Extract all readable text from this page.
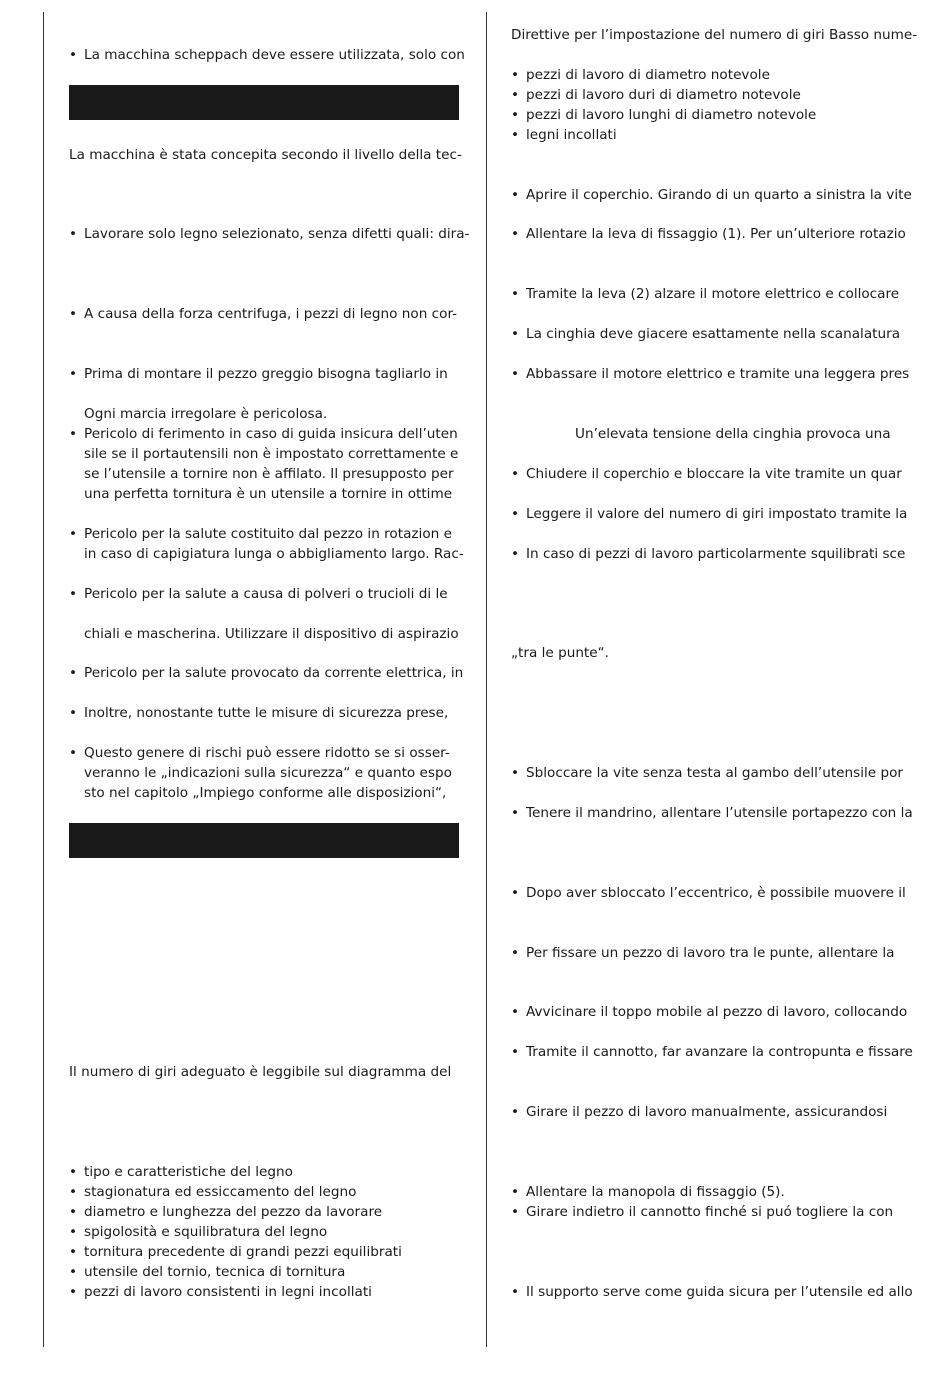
• La macchina scheppach deve essere utilizzata, solo con
La macchina è stata concepita secondo il livello della tec-
• Lavorare solo legno selezionato, senza difetti quali: dira-
• A causa della forza centrifuga, i pezzi di legno non cor-
• Prima di montare il pezzo greggio bisogna tagliarlo in
Ogni marcia irregolare è pericolosa.
• Pericolo di ferimento in caso di guida insicura dell’uten
sile se il portautensili non è impostato correttamente e
se l’utensile a tornire non è affilato. Il presupposto per
una perfetta tornitura è un utensile a tornire in ottime
• Pericolo per la salute costituito dal pezzo in rotazion e
in caso di capigiatura lunga o abbigliamento largo. Rac-
• Pericolo per la salute a causa di polveri o trucioli di le
chiali e mascherina. Utilizzare il dispositivo di aspirazio
• Pericolo per la salute provocato da corrente elettrica, in
• Inoltre, nonostante tutte le misure di sicurezza prese,
• Questo genere di rischi può essere ridotto se si osser-
veranno le „indicazioni sulla sicurezza“ e quanto espo
sto nel capitolo „Impiego conforme alle disposizioni“,
Il numero di giri adeguato è leggibile sul diagramma del
• tipo e caratteristiche del legno
• stagionatura ed essiccamento del legno
• diametro e lunghezza del pezzo da lavorare
• spigolosità e squilibratura del legno
• tornitura precedente di grandi pezzi equilibrati
• utensile del tornio, tecnica di tornitura
• pezzi di lavoro consistenti in legni incollati
Direttive per l’impostazione del numero di giri Basso nume-
• pezzi di lavoro di diametro notevole
• pezzi di lavoro duri di diametro notevole
• pezzi di lavoro lunghi di diametro notevole
• legni incollati
• Aprire il coperchio. Girando di un quarto a sinistra la vite
• Allentare la leva di fissaggio (1). Per un’ulteriore rotazio
• Tramite la leva (2) alzare il motore elettrico e collocare
• La cinghia deve giacere esattamente nella scanalatura
• Abbassare il motore elettrico e tramite una leggera pres
Un’elevata tensione della cinghia provoca una
• Chiudere il coperchio e bloccare la vite tramite un quar
• Leggere il valore del numero di giri impostato tramite la
• In caso di pezzi di lavoro particolarmente squilibrati sce
„tra le punte“.
• Sbloccare la vite senza testa al gambo dell’utensile por
• Tenere il mandrino, allentare l’utensile portapezzo con la
• Dopo aver sbloccato l’eccentrico, è possibile muovere il
• Per fissare un pezzo di lavoro tra le punte, allentare la
• Avvicinare il toppo mobile al pezzo di lavoro, collocando
• Tramite il cannotto, far avanzare la contropunta e fissare
• Girare il pezzo di lavoro manualmente, assicurandosi
• Allentare la manopola di fissaggio (5).
• Girare indietro il cannotto finché si puó togliere la con
• Il supporto serve come guida sicura per l’utensile ed allo
